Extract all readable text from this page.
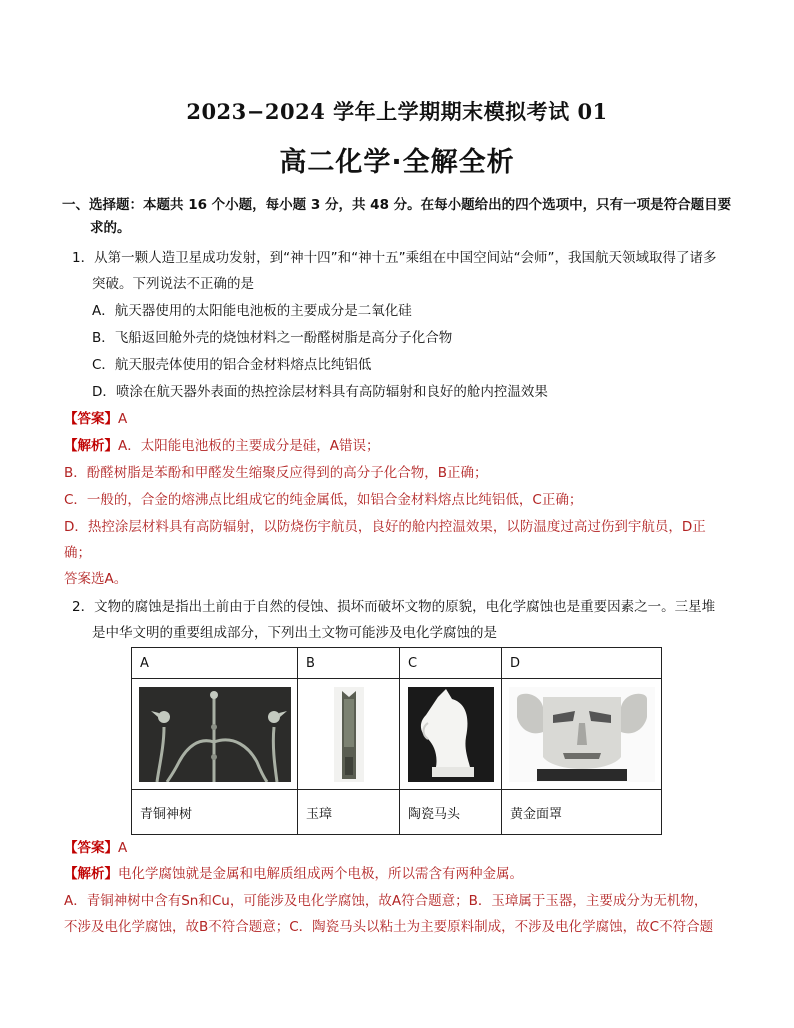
2023−2024 学年上学期期末模拟考试 01
高二化学·全解全析
一、选择题：本题共 16 个小题，每小题 3 分，共 48 分。在每小题给出的四个选项中，只有一项是符合题目要
求的。
1．从第一颗人造卫星成功发射，到“神十四”和“神十五”乘组在中国空间站“会师”，我国航天领域取得了诸多
突破。下列说法不正确的是
A．航天器使用的太阳能电池板的主要成分是二氧化硅
B．飞船返回舱外壳的烧蚀材料之一酚醛树脂是高分子化合物
C．航天服壳体使用的铝合金材料熔点比纯铝低
D．喷涂在航天器外表面的热控涂层材料具有高防辐射和良好的舱内控温效果
【答案】A
【解析】A．太阳能电池板的主要成分是硅，A错误；
B．酚醛树脂是苯酚和甲醛发生缩聚反应得到的高分子化合物，B正确；
C．一般的，合金的熔沸点比组成它的纯金属低，如铝合金材料熔点比纯铝低，C正确；
D．热控涂层材料具有高防辐射，以防烧伤宇航员，良好的舱内控温效果，以防温度过高过伤到宇航员，D正
确；
答案选A。
2．文物的腐蚀是指出土前由于自然的侵蚀、损坏而破坏文物的原貌，电化学腐蚀也是重要因素之一。三星堆
是中华文明的重要组成部分，下列出土文物可能涉及电化学腐蚀的是
A	B	C	D

青铜神树	玉璋	陶瓷马头	黄金面罩
【答案】A
【解析】电化学腐蚀就是金属和电解质组成两个电极，所以需含有两种金属。
A．青铜神树中含有Sn和Cu，可能涉及电化学腐蚀，故A符合题意；B．玉璋属于玉器，主要成分为无机物，
不涉及电化学腐蚀，故B不符合题意；C．陶瓷马头以粘土为主要原料制成，不涉及电化学腐蚀，故C不符合题
